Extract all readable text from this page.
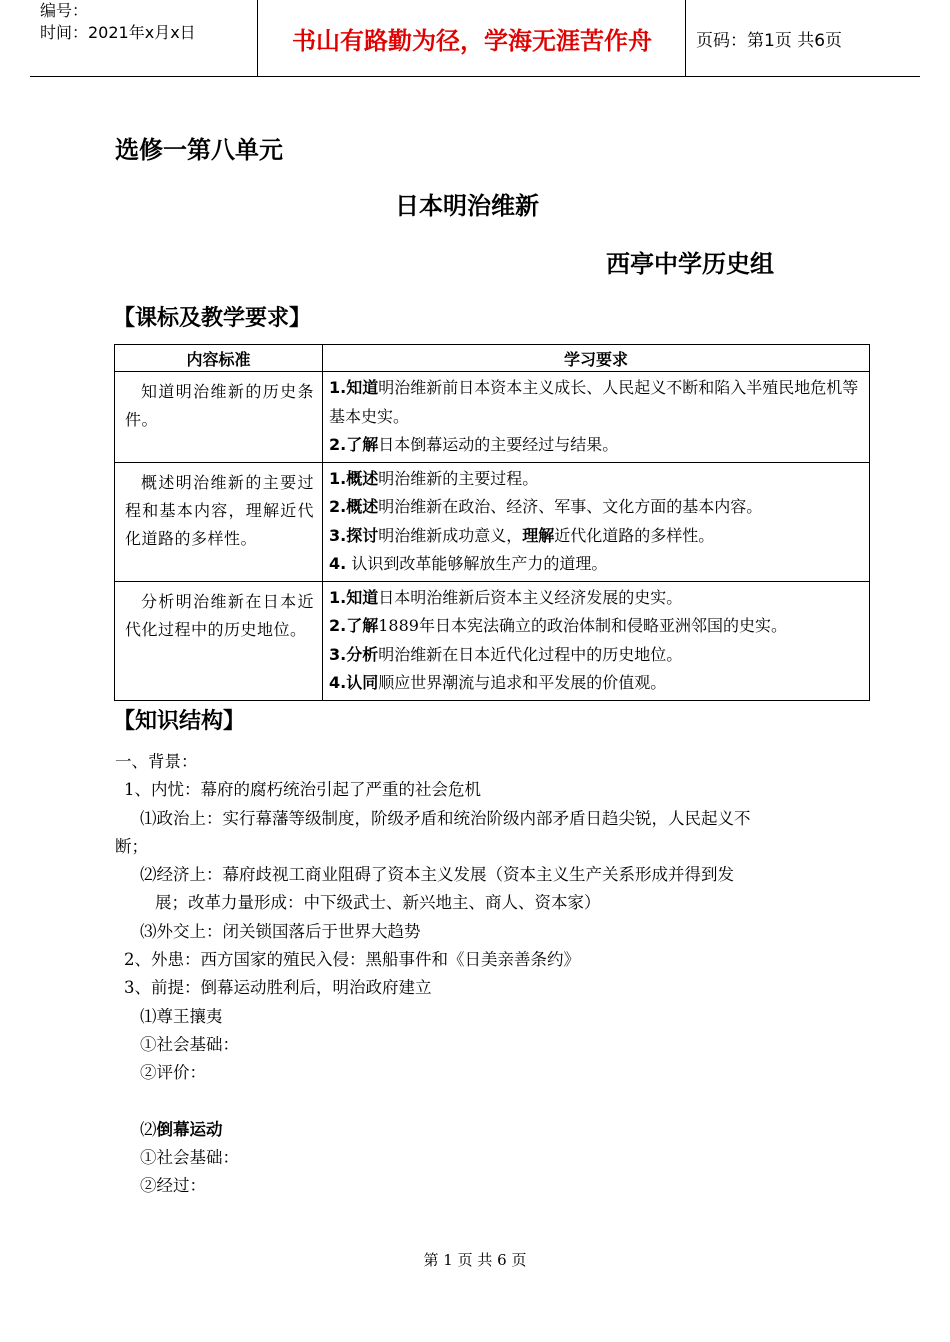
编号：
时间：2021年x月x日	书山有路勤为径，学海无涯苦作舟	页码：第1页 共6页
选修一第八单元
日本明治维新
西亭中学历史组
【课标及教学要求】
内容标准	学习要求
知道明治维新的历史条件。	1.知道明治维新前日本资本主义成长、人民起义不断和陷入半殖民地危机等基本史实。
2.了解日本倒幕运动的主要经过与结果。

概述明治维新的主要过程和基本内容，理解近代化道路的多样性。	1.概述明治维新的主要过程。
2.概述明治维新在政治、经济、军事、文化方面的基本内容。
3.探讨明治维新成功意义，理解近代化道路的多样性。
4. 认识到改革能够解放生产力的道理。

分析明治维新在日本近代化过程中的历史地位。	1.知道日本明治维新后资本主义经济发展的史实。
2.了解1889年日本宪法确立的政治体制和侵略亚洲邻国的史实。
3.分析明治维新在日本近代化过程中的历史地位。
4.认同顺应世界潮流与追求和平发展的价值观。
【知识结构】
一、背景：
1、内忧：幕府的腐朽统治引起了严重的社会危机
⑴政治上：实行幕藩等级制度，阶级矛盾和统治阶级内部矛盾日趋尖锐，人民起义不
断；
⑵经济上：幕府歧视工商业阻碍了资本主义发展（资本主义生产关系形成并得到发
展；改革力量形成：中下级武士、新兴地主、商人、资本家）
⑶外交上：闭关锁国落后于世界大趋势
2、外患：西方国家的殖民入侵：黑船事件和《日美亲善条约》
3、前提：倒幕运动胜利后，明治政府建立
⑴尊王攘夷
①社会基础：
②评价：
⑵倒幕运动
①社会基础：
②经过：
第 1 页 共 6 页
